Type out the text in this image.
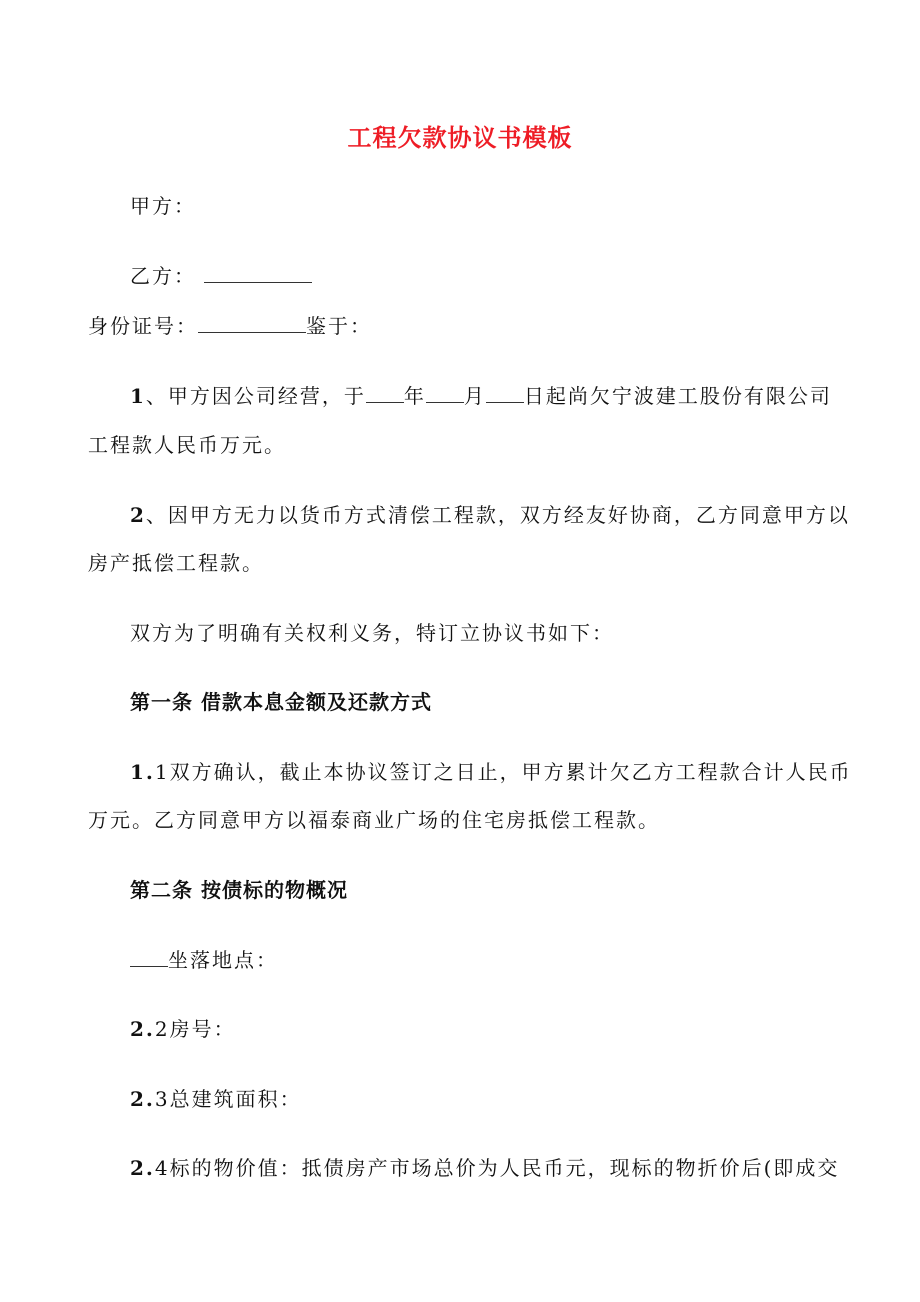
工程欠款协议书模板
甲方：
乙方：
身份证号：	鉴于：
1、甲方因公司经营，于 年 月 日起尚欠宁波建工股份有限公司
工程款人民币万元。
2、因甲方无力以货币方式清偿工程款，双方经友好协商，乙方同意甲方以
房产抵偿工程款。
双方为了明确有关权利义务，特订立协议书如下：
第一条 借款本息金额及还款方式
1.1双方确认，截止本协议签订之日止，甲方累计欠乙方工程款合计人民币
万元。乙方同意甲方以福泰商业广场的住宅房抵偿工程款。
第二条 按债标的物概况
坐落地点：
2.2房号：
2.3总建筑面积：
2.4标的物价值：抵债房产市场总价为人民币元，现标的物折价后(即成交
